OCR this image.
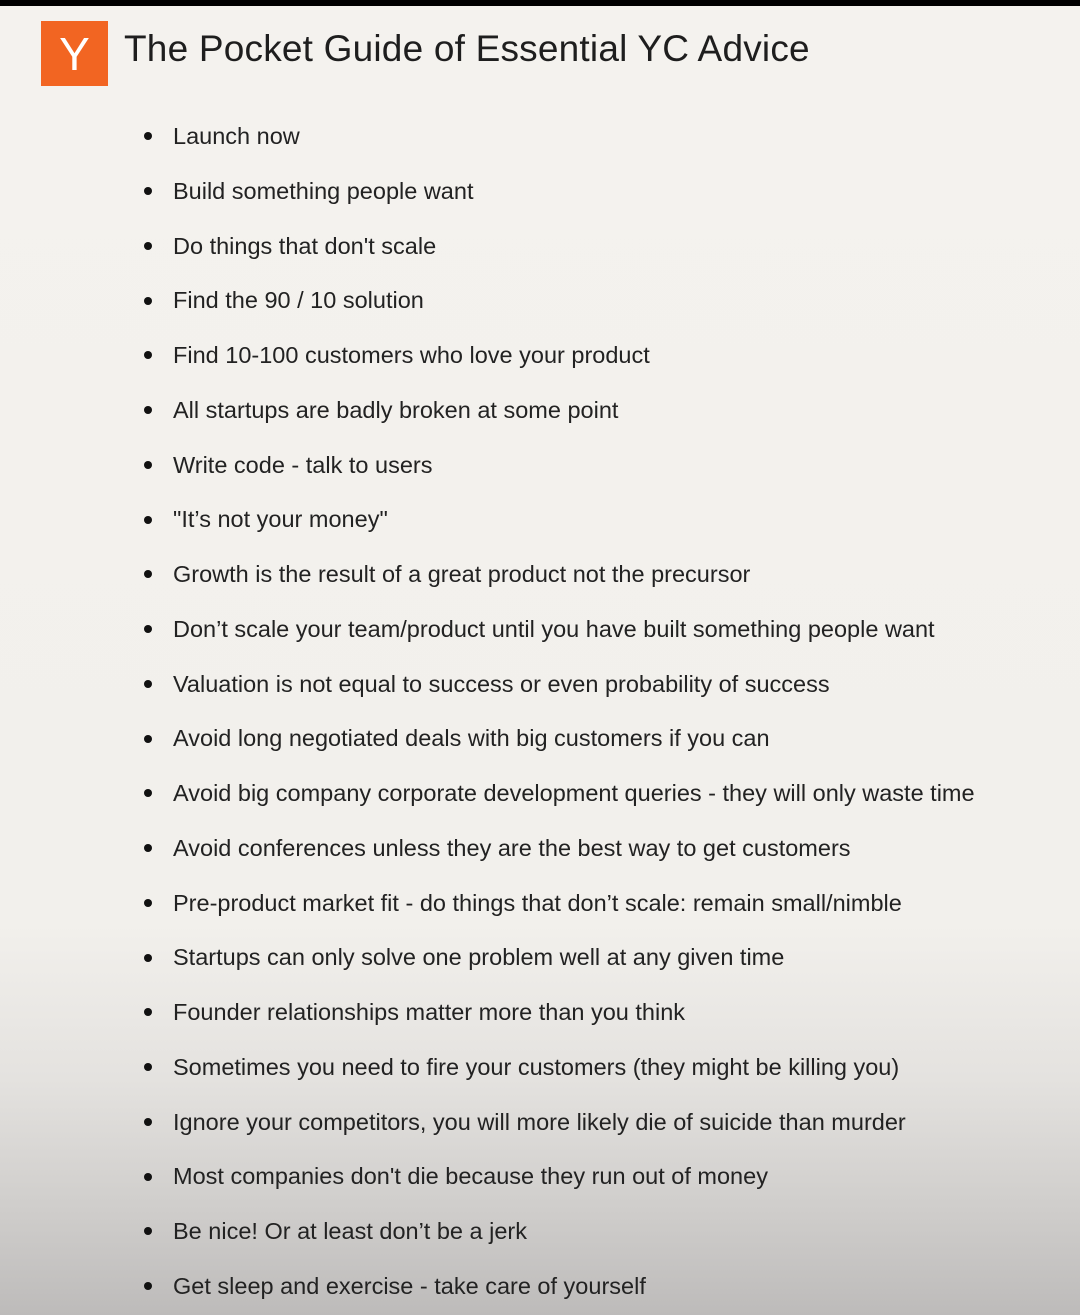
Y The Pocket Guide of Essential YC Advice
Launch now
Build something people want
Do things that don't scale
Find the 90 / 10 solution
Find 10-100 customers who love your product
All startups are badly broken at some point
Write code - talk to users
"It’s not your money"
Growth is the result of a great product not the precursor
Don’t scale your team/product until you have built something people want
Valuation is not equal to success or even probability of success
Avoid long negotiated deals with big customers if you can
Avoid big company corporate development queries - they will only waste time
Avoid conferences unless they are the best way to get customers
Pre-product market fit - do things that don’t scale: remain small/nimble
Startups can only solve one problem well at any given time
Founder relationships matter more than you think
Sometimes you need to fire your customers (they might be killing you)
Ignore your competitors, you will more likely die of suicide than murder
Most companies don't die because they run out of money
Be nice! Or at least don’t be a jerk
Get sleep and exercise - take care of yourself
